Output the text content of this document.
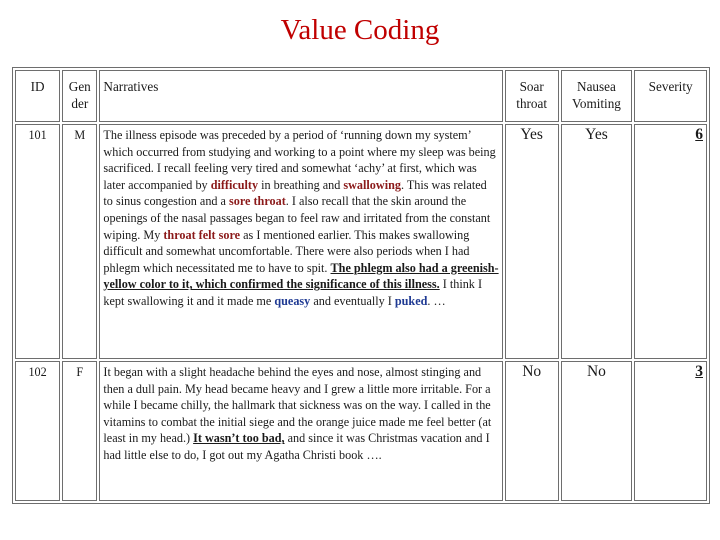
Value Coding
ID	Gen der	Narratives	Soar throat	Nausea Vomiting	Severity
101	M	The illness episode was preceded by a period of ‘running down my system’ which occurred from studying and working to a point where my sleep was being sacrificed. I recall feeling very tired and somewhat ‘achy’ at first, which was later accompanied by difficulty in breathing and swallowing. This was related to sinus congestion and a sore throat. I also recall that the skin around the openings of the nasal passages began to feel raw and irritated from the constant wiping. My throat felt sore as I mentioned earlier. This makes swallowing difficult and somewhat uncomfortable. There were also periods when I had phlegm which necessitated me to have to spit. The phlegm also had a greenish-yellow color to it, which confirmed the significance of this illness. I think I kept swallowing it and it made me queasy and eventually I puked. …	Yes	Yes	6
102	F	It began with a slight headache behind the eyes and nose, almost stinging and then a dull pain. My head became heavy and I grew a little more irritable. For a while I became chilly, the hallmark that sickness was on the way. I called in the vitamins to combat the initial siege and the orange juice made me feel better (at least in my head.) It wasn’t too bad, and since it was Christmas vacation and I had little else to do, I got out my Agatha Christi book ….	No	No	3
